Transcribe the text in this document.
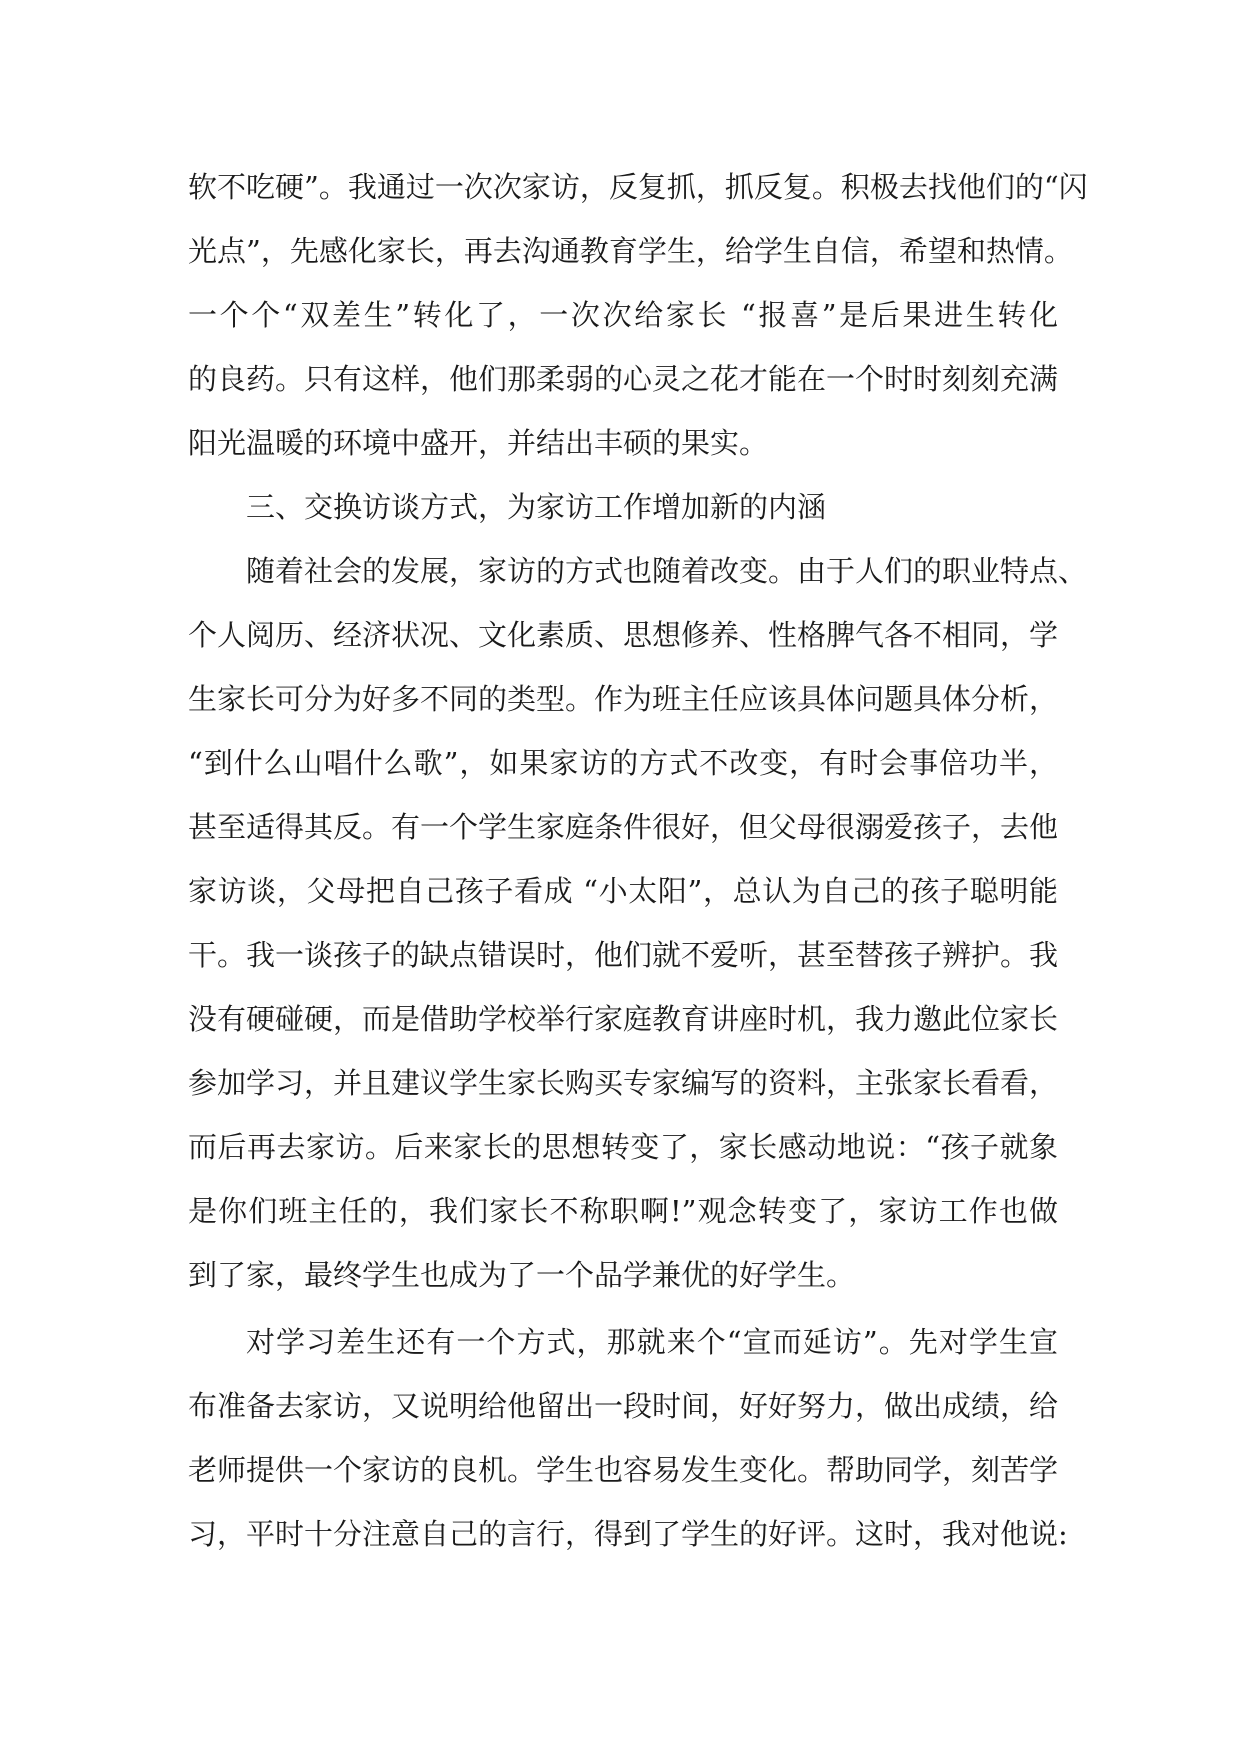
软不吃硬”。我通过一次次家访，反复抓，抓反复。积极去找他们的“闪
光点”，先感化家长，再去沟通教育学生，给学生自信，希望和热情。
一个个“双差生”转化了，一次次给家长 “报喜”是后果进生转化
的良药。只有这样，他们那柔弱的心灵之花才能在一个时时刻刻充满
阳光温暖的环境中盛开，并结出丰硕的果实。
三、交换访谈方式，为家访工作增加新的内涵
随着社会的发展，家访的方式也随着改变。由于人们的职业特点、
个人阅历、经济状况、文化素质、思想修养、性格脾气各不相同，学
生家长可分为好多不同的类型。作为班主任应该具体问题具体分析，
“到什么山唱什么歌”，如果家访的方式不改变，有时会事倍功半，
甚至适得其反。有一个学生家庭条件很好，但父母很溺爱孩子，去他
家访谈，父母把自己孩子看成 “小太阳”，总认为自己的孩子聪明能
干。我一谈孩子的缺点错误时，他们就不爱听，甚至替孩子辨护。我
没有硬碰硬，而是借助学校举行家庭教育讲座时机，我力邀此位家长
参加学习，并且建议学生家长购买专家编写的资料，主张家长看看，
而后再去家访。后来家长的思想转变了，家长感动地说：“孩子就象
是你们班主任的，我们家长不称职啊!”观念转变了，家访工作也做
到了家，最终学生也成为了一个品学兼优的好学生。
对学习差生还有一个方式，那就来个“宣而延访”。先对学生宣
布准备去家访，又说明给他留出一段时间，好好努力，做出成绩，给
老师提供一个家访的良机。学生也容易发生变化。帮助同学，刻苦学
习，平时十分注意自己的言行，得到了学生的好评。这时，我对他说:
